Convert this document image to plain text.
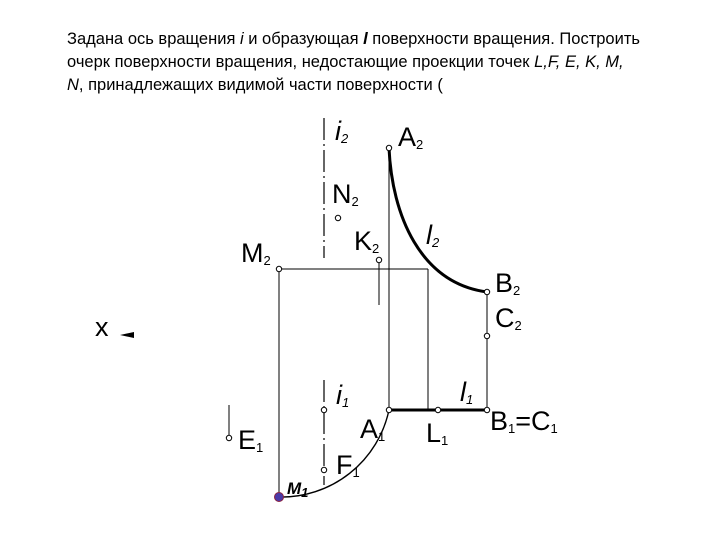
Задана ось вращения i и образующая l поверхности вращения. Построить
очерк поверхности вращения, недостающие проекции точек L,F, E, K, M,
N, принадлежащих видимой части поверхности (
i2 A2
N2
l2
K2
M2
B2
C2
x
i1	l1
A1 L1
B1=C1
E1
F1
M1
